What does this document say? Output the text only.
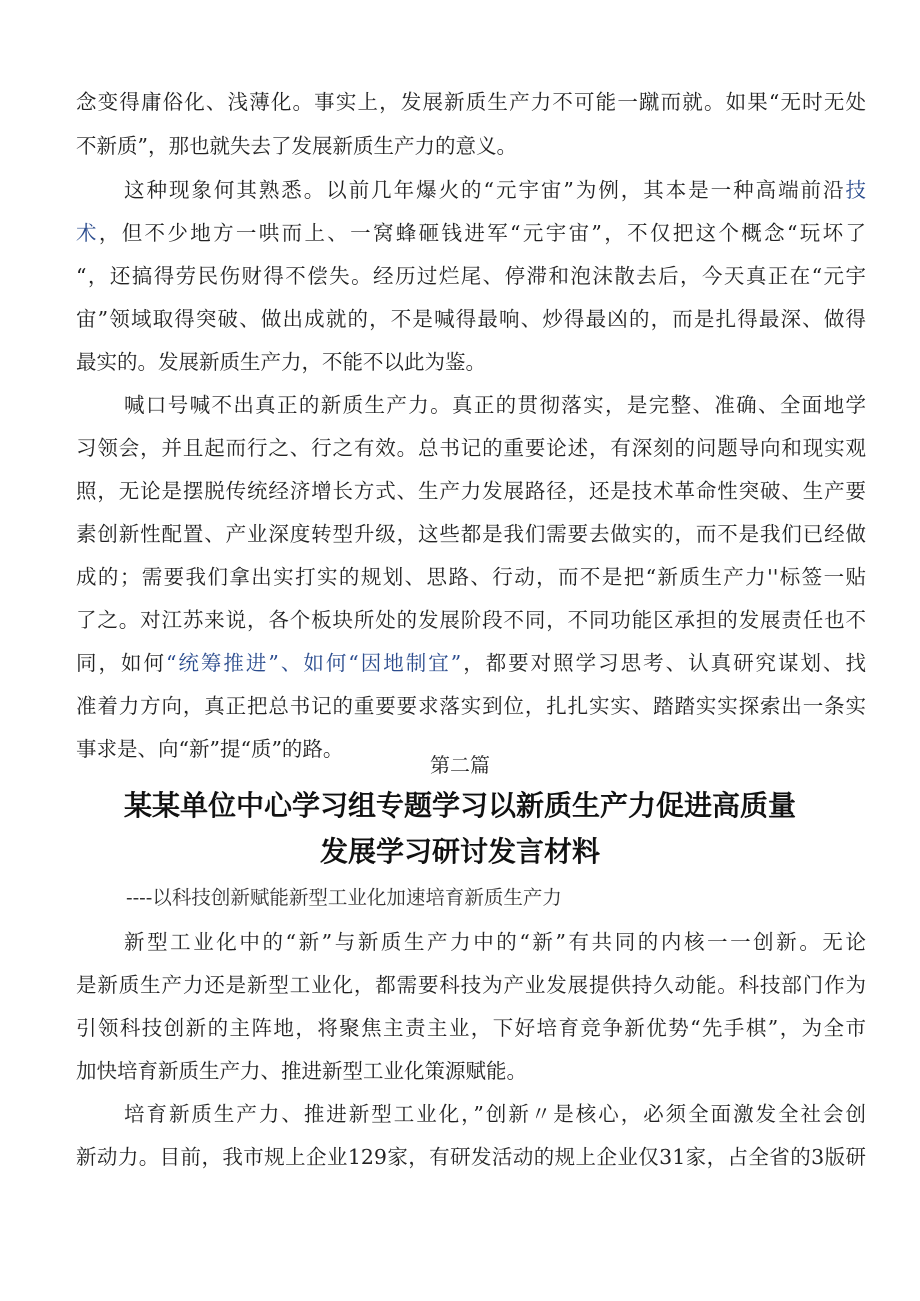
念变得庸俗化、浅薄化。事实上，发展新质生产力不可能一蹴而就。如果“无时无处
不新质”，那也就失去了发展新质生产力的意义。
这种现象何其熟悉。以前几年爆火的“元宇宙”为例，其本是一种高端前沿技
术，但不少地方一哄而上、一窝蜂砸钱进军“元宇宙”，不仅把这个概念“玩坏了
“，还搞得劳民伤财得不偿失。经历过烂尾、停滞和泡沫散去后，今天真正在“元宇
宙”领域取得突破、做出成就的，不是喊得最响、炒得最凶的，而是扎得最深、做得
最实的。发展新质生产力，不能不以此为鉴。
喊口号喊不出真正的新质生产力。真正的贯彻落实，是完整、准确、全面地学
习领会，并且起而行之、行之有效。总书记的重要论述，有深刻的问题导向和现实观
照，无论是摆脱传统经济增长方式、生产力发展路径，还是技术革命性突破、生产要
素创新性配置、产业深度转型升级，这些都是我们需要去做实的，而不是我们已经做
成的；需要我们拿出实打实的规划、思路、行动，而不是把“新质生产力''标签一贴
了之。对江苏来说，各个板块所处的发展阶段不同，不同功能区承担的发展责任也不
同，如何“统筹推进”、如何“因地制宜”，都要对照学习思考、认真研究谋划、找
准着力方向，真正把总书记的重要要求落实到位，扎扎实实、踏踏实实探索出一条实
事求是、向“新”提“质”的路。
第二篇
某某单位中心学习组专题学习以新质生产力促进高质量
发展学习研讨发言材料
----以科技创新赋能新型工业化加速培育新质生产力
新型工业化中的“新”与新质生产力中的“新”有共同的内核一一创新。无论
是新质生产力还是新型工业化，都需要科技为产业发展提供持久动能。科技部门作为
引领科技创新的主阵地，将聚焦主责主业，下好培育竞争新优势“先手棋”，为全市
加快培育新质生产力、推进新型工业化策源赋能。
培育新质生产力、推进新型工业化，”创新〃是核心，必须全面激发全社会创
新动力。目前，我市规上企业129家，有研发活动的规上企业仅31家，占全省的3版研
